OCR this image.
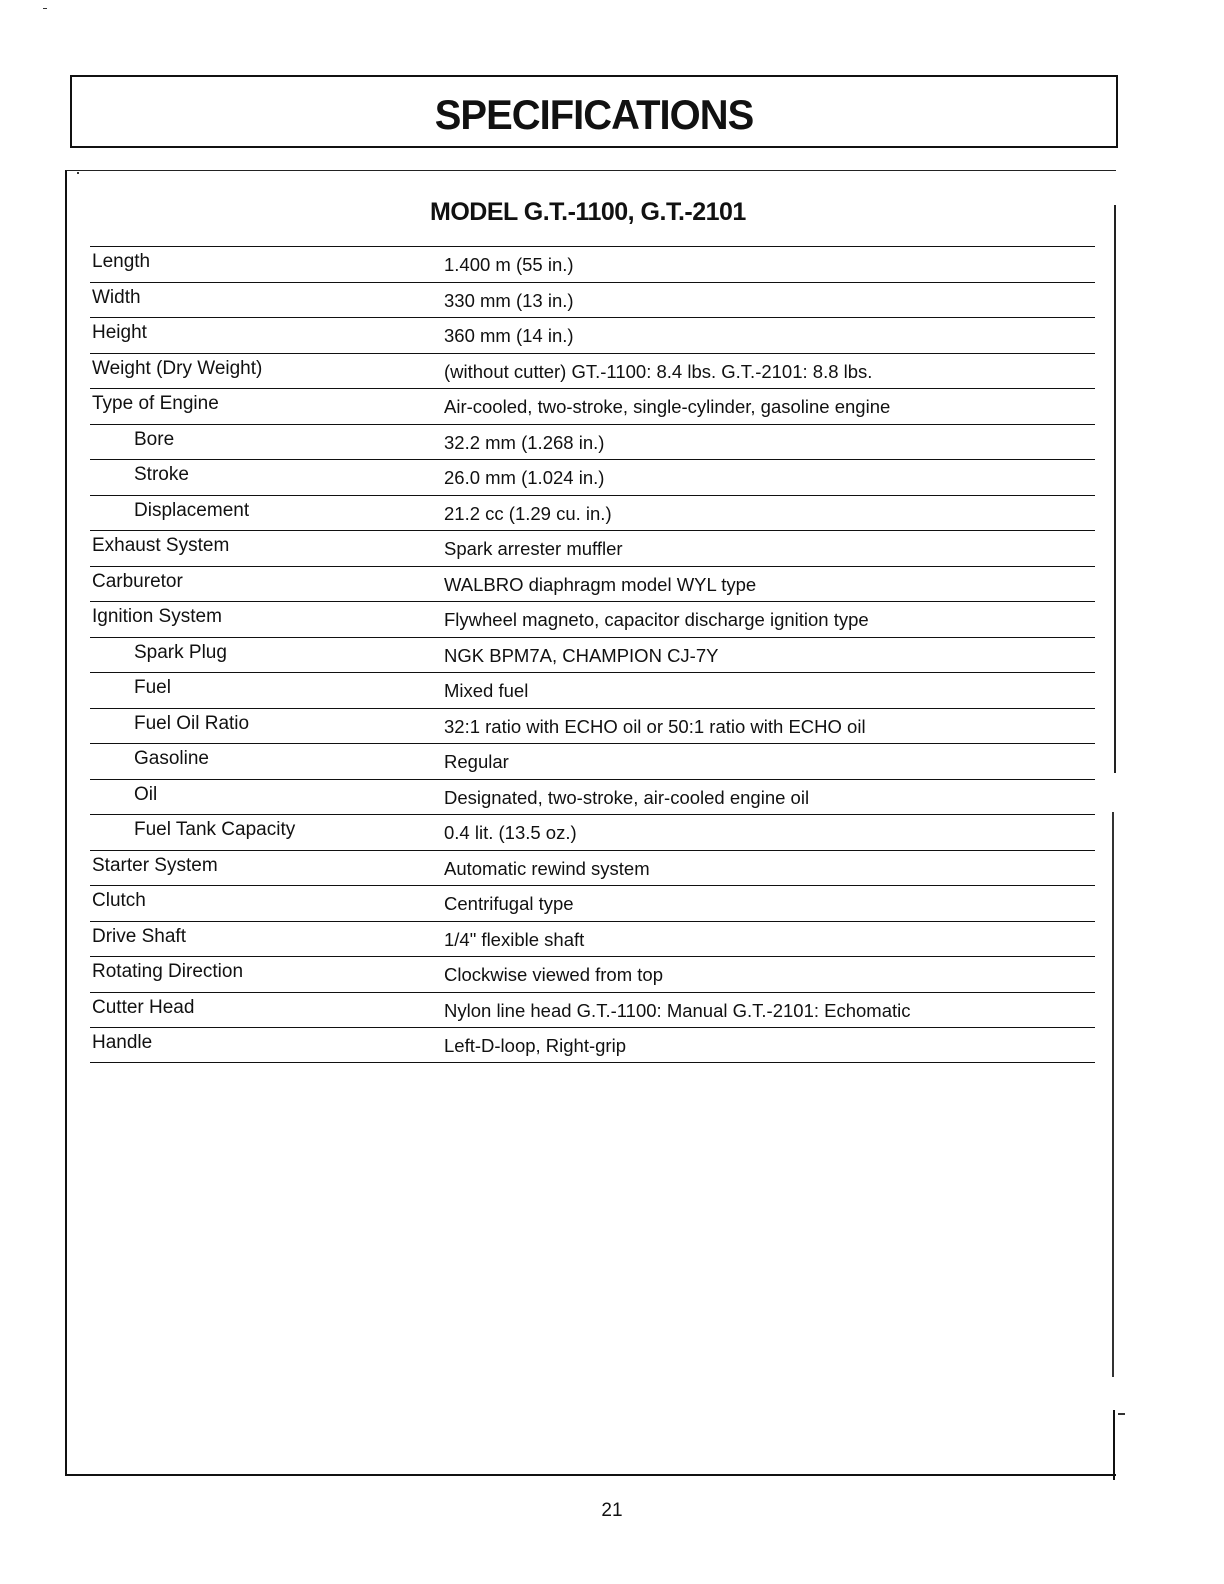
SPECIFICATIONS
MODEL G.T.-1100, G.T.-2101
Length	1.400 m (55 in.)
Width	330 mm (13 in.)
Height	360 mm (14 in.)
Weight (Dry Weight)	(without cutter) GT.-1100: 8.4 lbs. G.T.-2101: 8.8 lbs.
Type of Engine	Air-cooled, two-stroke, single-cylinder, gasoline engine
Bore	32.2 mm (1.268 in.)
Stroke	26.0 mm (1.024 in.)
Displacement	21.2 cc (1.29 cu. in.)
Exhaust System	Spark arrester muffler
Carburetor	WALBRO diaphragm model WYL type
Ignition System	Flywheel magneto, capacitor discharge ignition type
Spark Plug	NGK BPM7A, CHAMPION CJ-7Y
Fuel	Mixed fuel
Fuel Oil Ratio	32:1 ratio with ECHO oil or 50:1 ratio with ECHO oil
Gasoline	Regular
Oil	Designated, two-stroke, air-cooled engine oil
Fuel Tank Capacity	0.4 lit. (13.5 oz.)
Starter System	Automatic rewind system
Clutch	Centrifugal type
Drive Shaft	1/4" flexible shaft
Rotating Direction	Clockwise viewed from top
Cutter Head	Nylon line head G.T.-1100: Manual G.T.-2101: Echomatic
Handle	Left-D-loop, Right-grip
21
